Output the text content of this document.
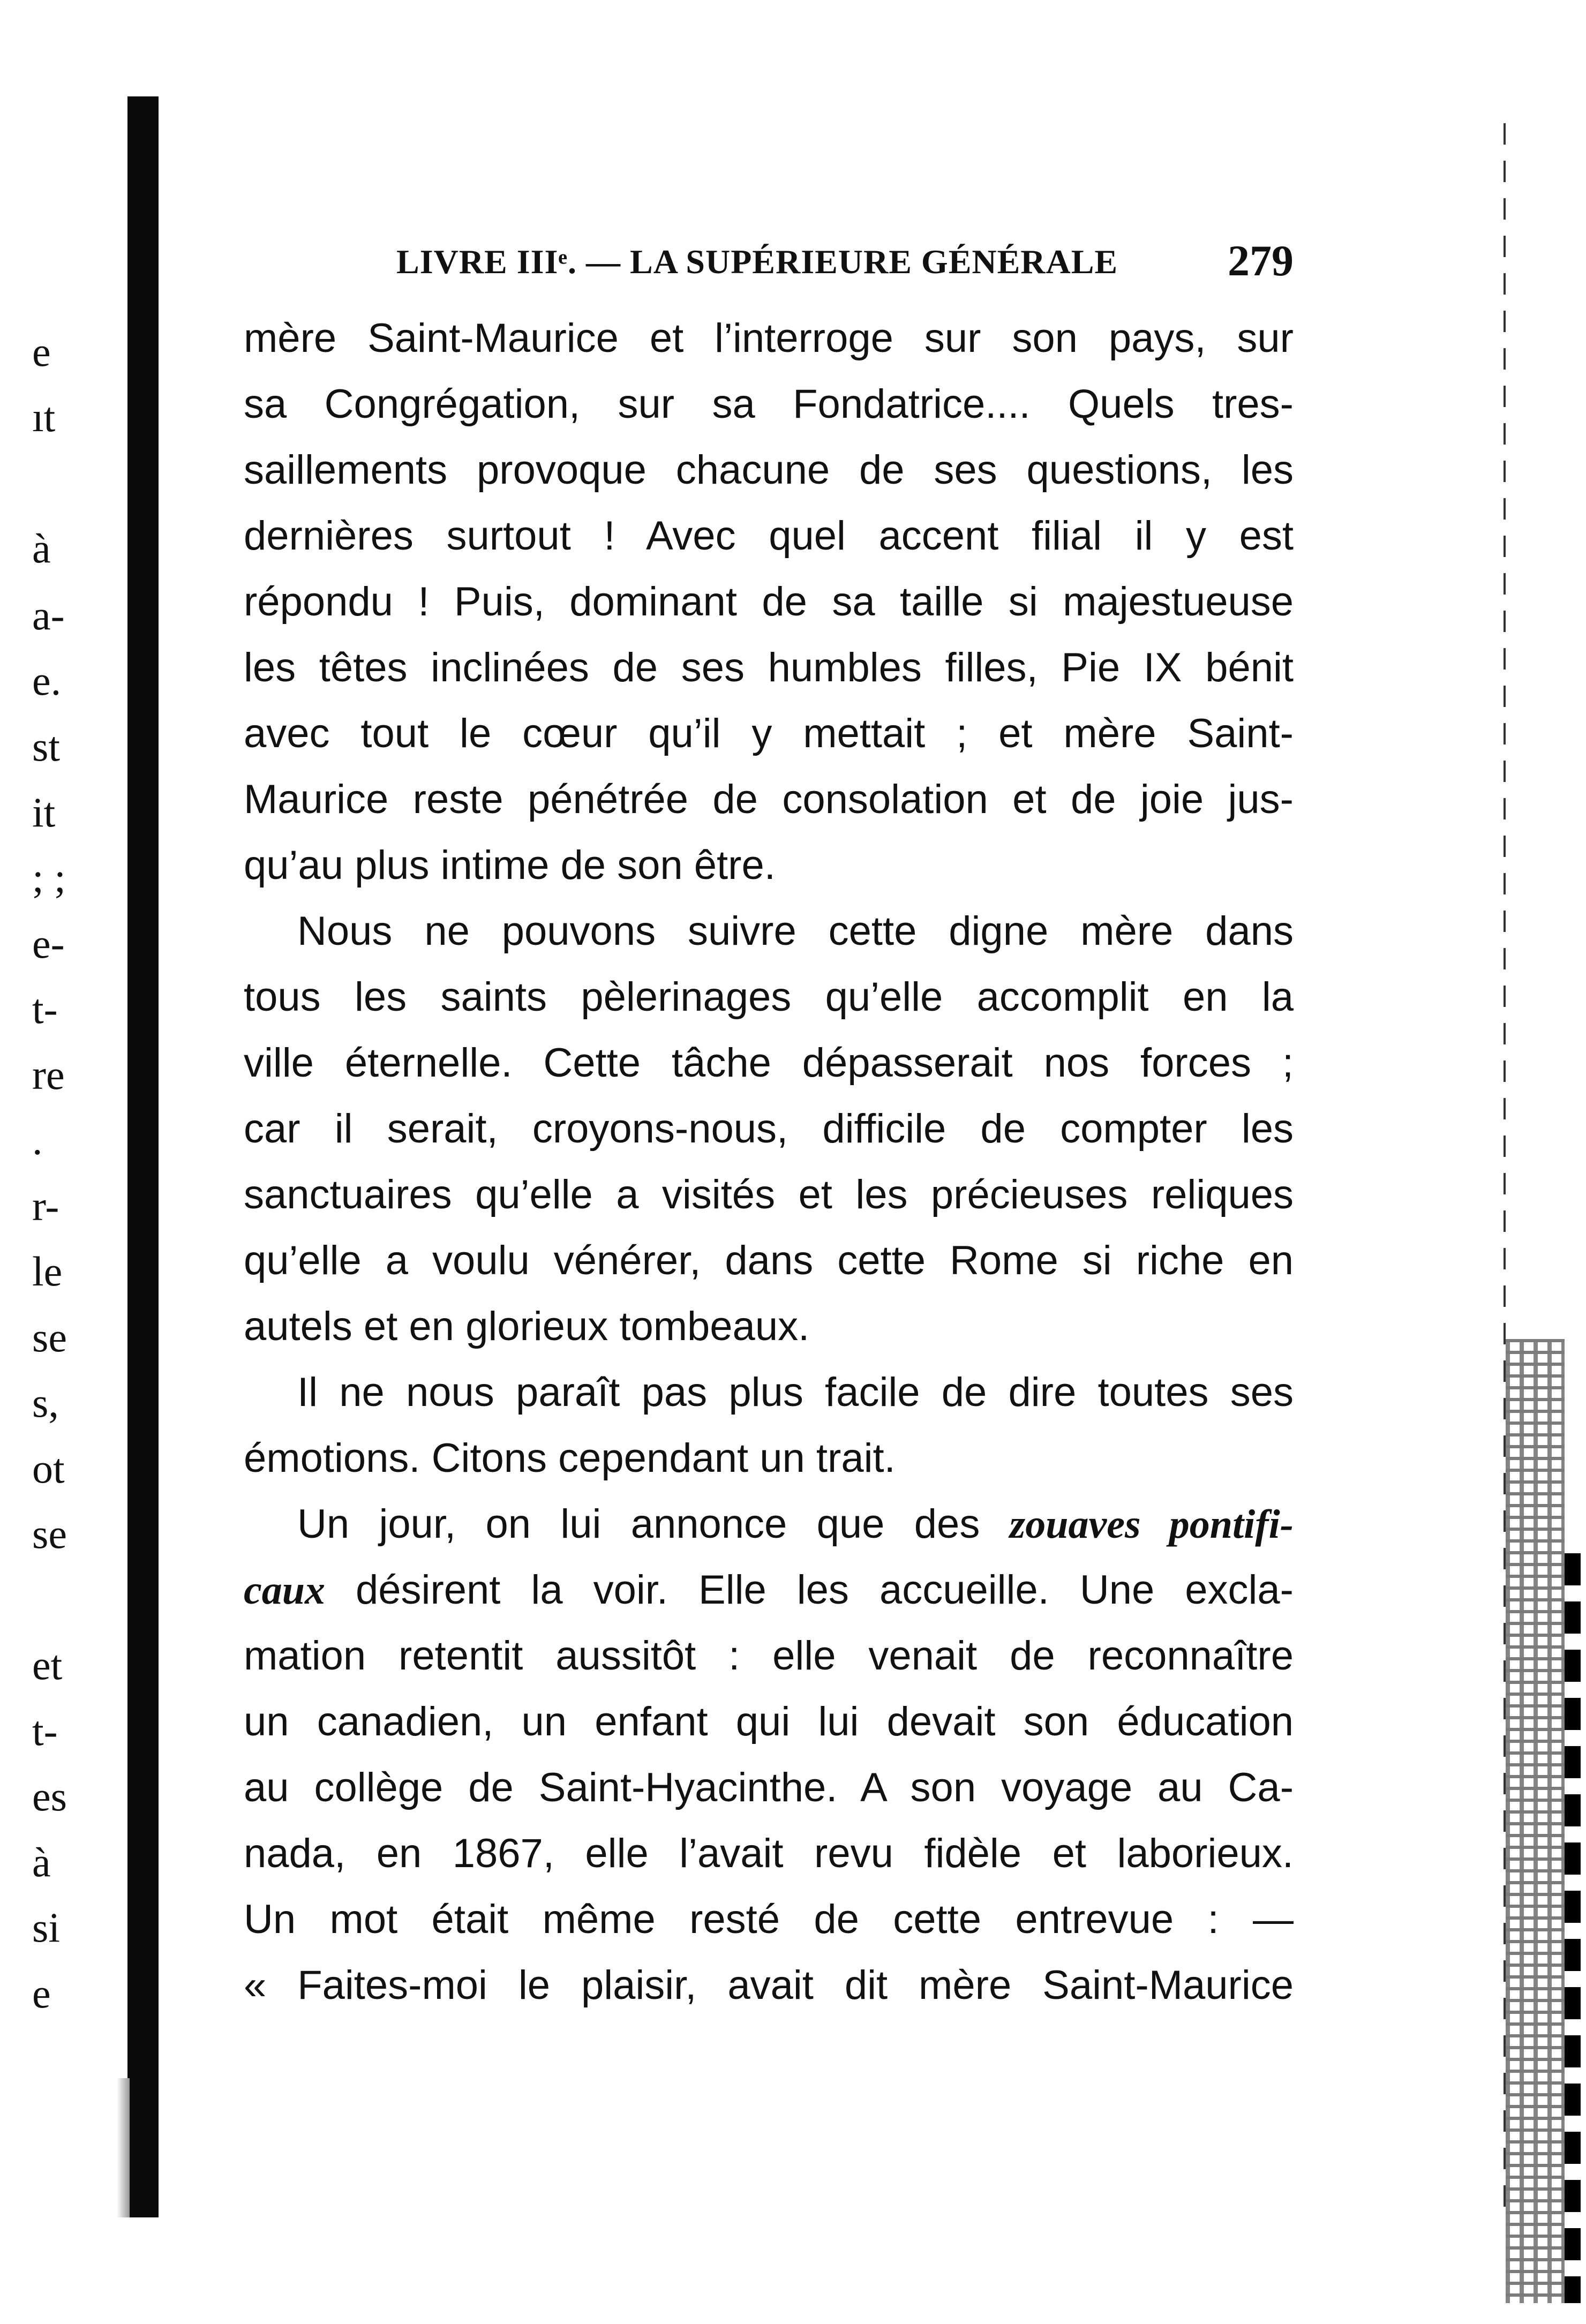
e
ıt
à
a-
e.
st
it
; ;
e-
t-
re
.
r-
le
se
s,
ot
se
et
t-
es
à
si
e
LIVRE IIIᵉ. — LA SUPÉRIEURE GÉNÉRALE 279
mère Saint-Maurice et l’interroge sur son pays, sur
sa Congrégation, sur sa Fondatrice.... Quels tres-
saillements provoque chacune de ses questions, les
dernières surtout ! Avec quel accent filial il y est
répondu ! Puis, dominant de sa taille si majestueuse
les têtes inclinées de ses humbles filles, Pie IX bénit
avec tout le cœur qu’il y mettait ; et mère Saint-
Maurice reste pénétrée de consolation et de joie jus-
qu’au plus intime de son être.
Nous ne pouvons suivre cette digne mère dans
tous les saints pèlerinages qu’elle accomplit en la
ville éternelle. Cette tâche dépasserait nos forces ;
car il serait, croyons-nous, difficile de compter les
sanctuaires qu’elle a visités et les précieuses reliques
qu’elle a voulu vénérer, dans cette Rome si riche en
autels et en glorieux tombeaux.
Il ne nous paraît pas plus facile de dire toutes ses
émotions. Citons cependant un trait.
Un jour, on lui annonce que des zouaves pontifi-
caux désirent la voir. Elle les accueille. Une excla-
mation retentit aussitôt : elle venait de reconnaître
un canadien, un enfant qui lui devait son éducation
au collège de Saint-Hyacinthe. A son voyage au Ca-
nada, en 1867, elle l’avait revu fidèle et laborieux.
Un mot était même resté de cette entrevue : —
« Faites-moi le plaisir, avait dit mère Saint-Maurice
